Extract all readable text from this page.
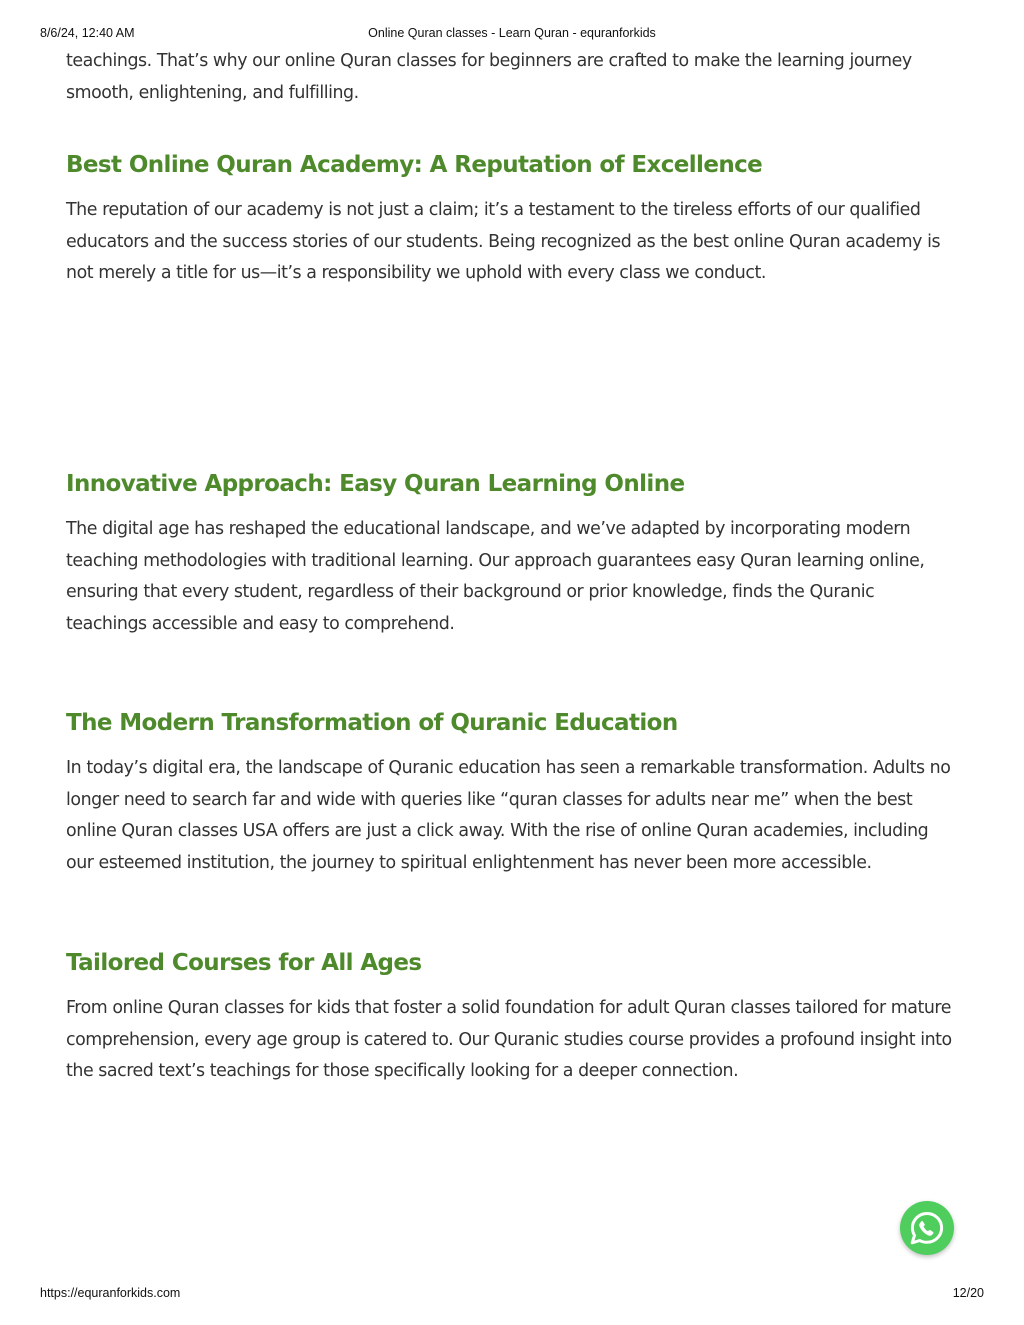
8/6/24, 12:40 AM	Online Quran classes - Learn Quran - equranforkids

teachings. That’s why our online Quran classes for beginners are crafted to make the learning journey smooth, enlightening, and fulfilling.

Best Online Quran Academy: A Reputation of Excellence

The reputation of our academy is not just a claim; it’s a testament to the tireless efforts of our qualified educators and the success stories of our students. Being recognized as the best online Quran academy is not merely a title for us—it’s a responsibility we uphold with every class we conduct.

Innovative Approach: Easy Quran Learning Online

The digital age has reshaped the educational landscape, and we’ve adapted by incorporating modern teaching methodologies with traditional learning. Our approach guarantees easy Quran learning online, ensuring that every student, regardless of their background or prior knowledge, finds the Quranic teachings accessible and easy to comprehend.

The Modern Transformation of Quranic Education

In today’s digital era, the landscape of Quranic education has seen a remarkable transformation. Adults no longer need to search far and wide with queries like “quran classes for adults near me” when the best online Quran classes USA offers are just a click away. With the rise of online Quran academies, including our esteemed institution, the journey to spiritual enlightenment has never been more accessible.

Tailored Courses for All Ages

From online Quran classes for kids that foster a solid foundation for adult Quran classes tailored for mature comprehension, every age group is catered to. Our Quranic studies course provides a profound insight into the sacred text’s teachings for those specifically looking for a deeper connection.

https://equranforkids.com	12/20
